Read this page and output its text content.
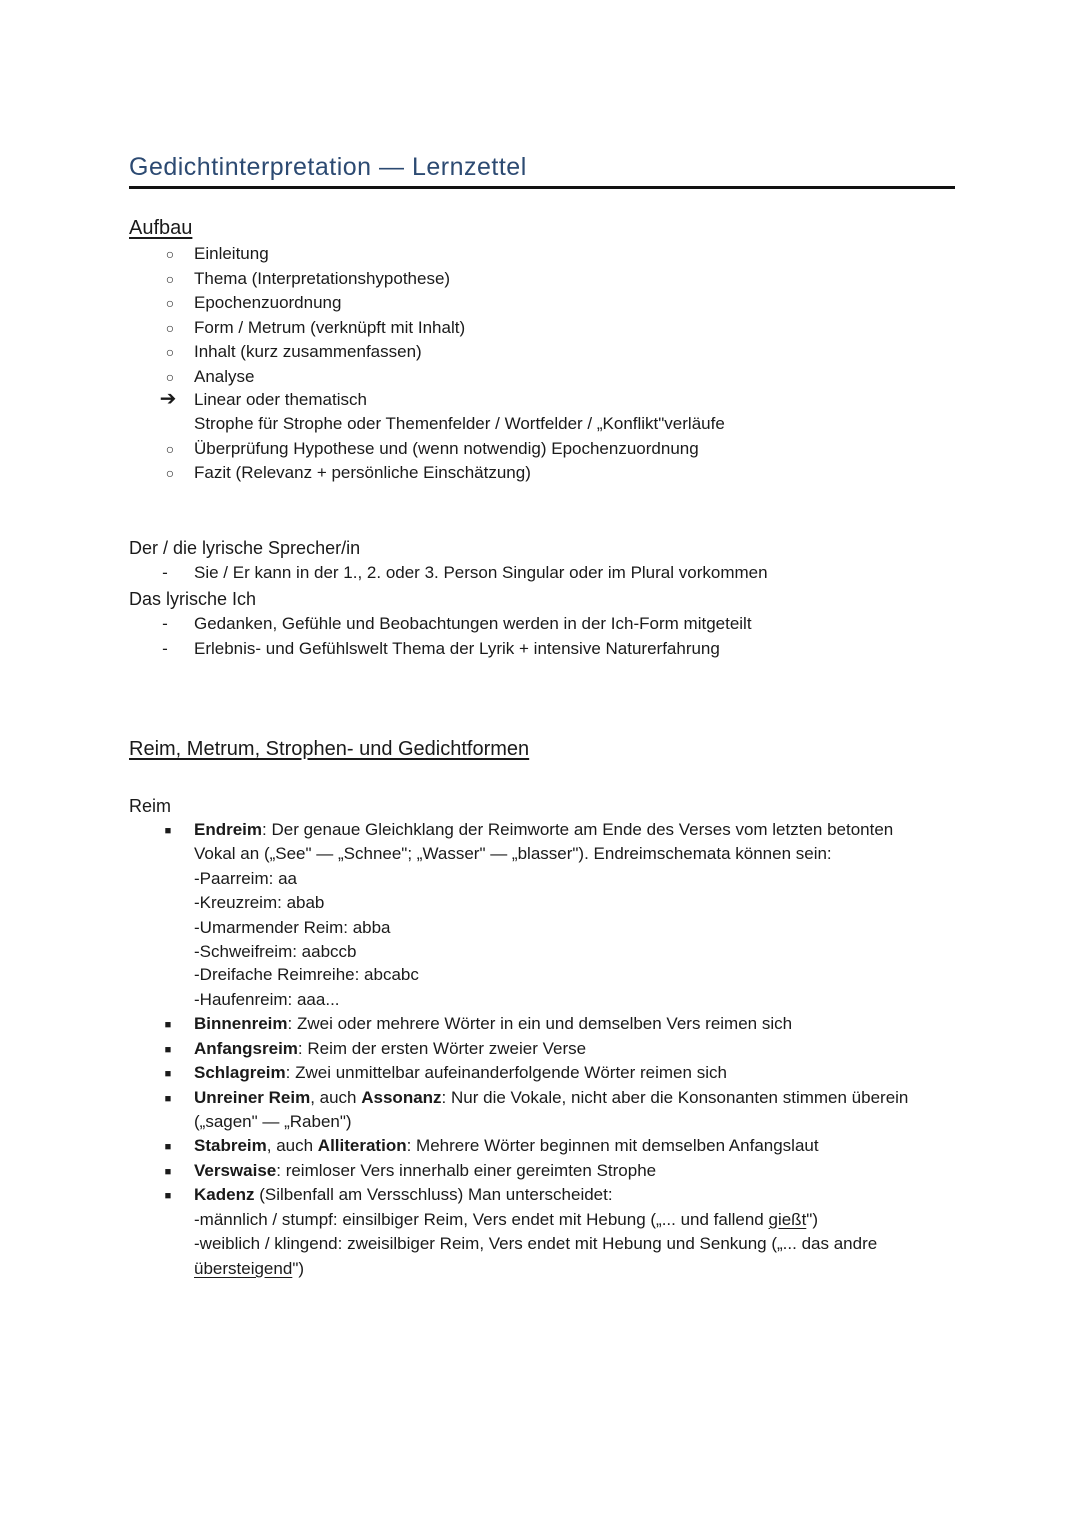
Gedichtinterpretation — Lernzettel
Aufbau
○	Einleitung
○	Thema (Interpretationshypothese)
○	Epochenzuordnung
○	Form / Metrum (verknüpft mit Inhalt)
○	Inhalt (kurz zusammenfassen)
○	Analyse
➔ Linear oder thematisch
Strophe für Strophe oder Themenfelder / Wortfelder / „Konflikt"verläufe
○	Überprüfung Hypothese und (wenn notwendig) Epochenzuordnung
○	Fazit (Relevanz + persönliche Einschätzung)
Der / die lyrische Sprecher/in
-	Sie / Er kann in der 1., 2. oder 3. Person Singular oder im Plural vorkommen
Das lyrische Ich
-	Gedanken, Gefühle und Beobachtungen werden in der Ich-Form mitgeteilt
-	Erlebnis- und Gefühlswelt Thema der Lyrik + intensive Naturerfahrung
Reim, Metrum, Strophen- und Gedichtformen
Reim
■	Endreim: Der genaue Gleichklang der Reimworte am Ende des Verses vom letzten betonten
Vokal an („See" — „Schnee"; „Wasser" — „blasser"). Endreimschemata können sein:
-Paarreim: aa
-Kreuzreim: abab
-Umarmender Reim: abba
-Schweifreim: aabccb
-Dreifache Reimreihe: abcabc
-Haufenreim: aaa...
■	Binnenreim: Zwei oder mehrere Wörter in ein und demselben Vers reimen sich
■	Anfangsreim: Reim der ersten Wörter zweier Verse
■	Schlagreim: Zwei unmittelbar aufeinanderfolgende Wörter reimen sich
■	Unreiner Reim, auch Assonanz: Nur die Vokale, nicht aber die Konsonanten stimmen überein
(„sagen" — „Raben")
■	Stabreim, auch Alliteration: Mehrere Wörter beginnen mit demselben Anfangslaut
■	Verswaise: reimloser Vers innerhalb einer gereimten Strophe
■	Kadenz (Silbenfall am Versschluss) Man unterscheidet:
-männlich / stumpf: einsilbiger Reim, Vers endet mit Hebung („... und fallend gießt")
-weiblich / klingend: zweisilbiger Reim, Vers endet mit Hebung und Senkung („... das andre
übersteigend")
